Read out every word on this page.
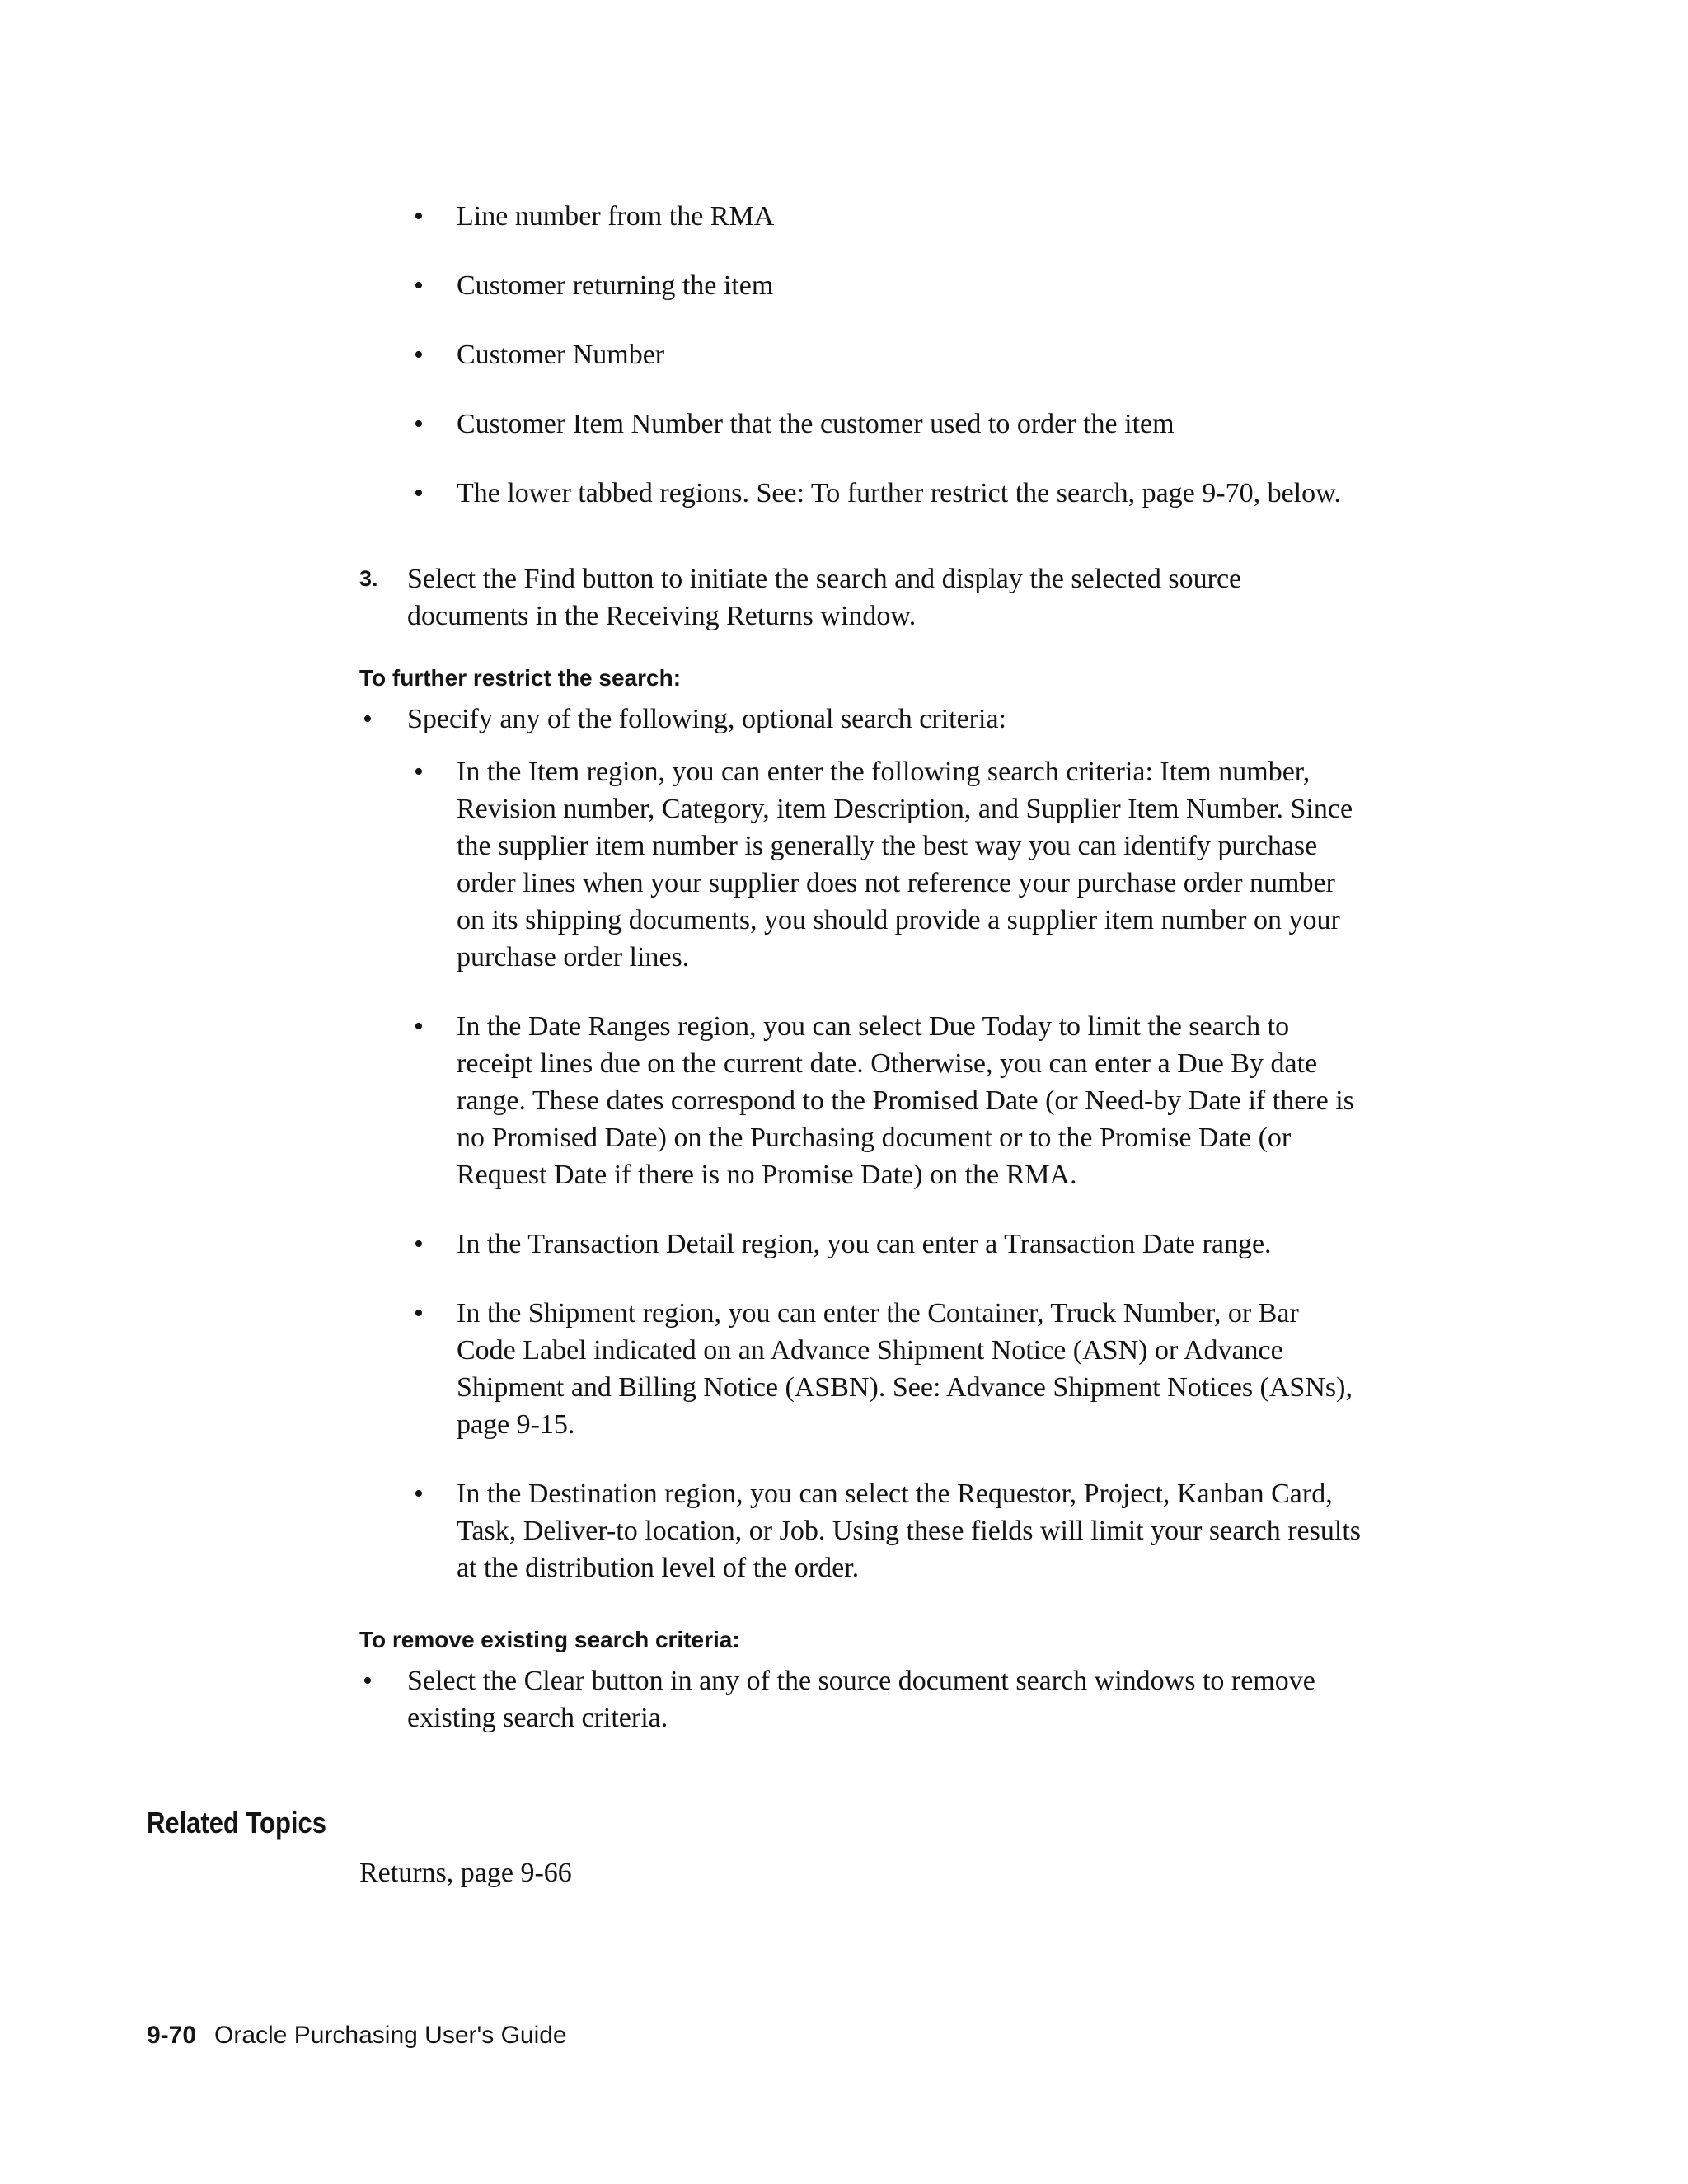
• Line number from the RMA

• Customer returning the item

• Customer Number

• Customer Item Number that the customer used to order the item

• The lower tabbed regions. See: To further restrict the search, page 9-70, below.

3. Select the Find button to initiate the search and display the selected source

documents in the Receiving Returns window.

To further restrict the search:
• Specify any of the following, optional search criteria:

• In the Item region, you can enter the following search criteria: Item number,

Revision number, Category, item Description, and Supplier Item Number. Since

the supplier item number is generally the best way you can identify purchase

order lines when your supplier does not reference your purchase order number

on its shipping documents, you should provide a supplier item number on your

purchase order lines.

• In the Date Ranges region, you can select Due Today to limit the search to

receipt lines due on the current date. Otherwise, you can enter a Due By date

range. These dates correspond to the Promised Date (or Need-by Date if there is

no Promised Date) on the Purchasing document or to the Promise Date (or

Request Date if there is no Promise Date) on the RMA.

• In the Transaction Detail region, you can enter a Transaction Date range.

• In the Shipment region, you can enter the Container, Truck Number, or Bar

Code Label indicated on an Advance Shipment Notice (ASN) or Advance

Shipment and Billing Notice (ASBN). See: Advance Shipment Notices (ASNs),

page 9-15.

• In the Destination region, you can select the Requestor, Project, Kanban Card,

Task, Deliver-to location, or Job. Using these fields will limit your search results

at the distribution level of the order.

To remove existing search criteria:
• Select the Clear button in any of the source document search windows to remove

existing search criteria.

Related Topics

Returns, page 9-66

9-70 Oracle Purchasing User's Guide
